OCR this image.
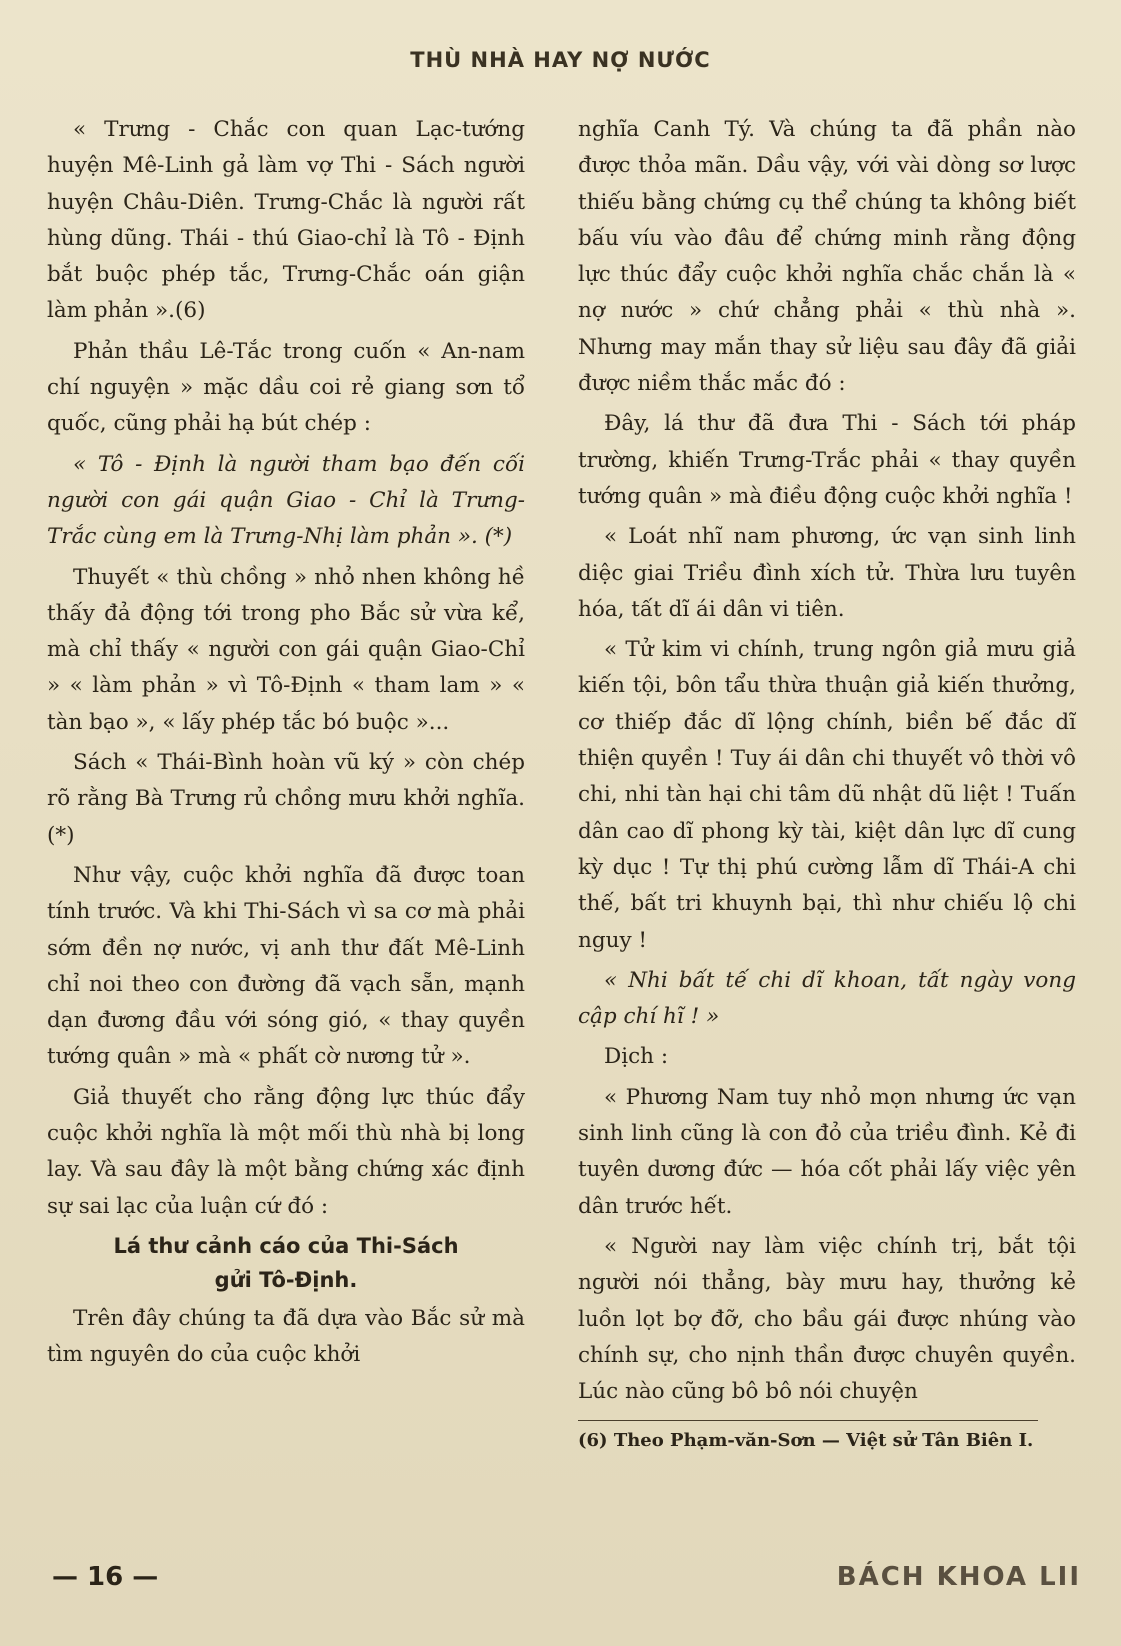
THÙ NHÀ HAY NỢ NƯỚC

« Trưng - Chắc con quan Lạc-tướng huyện Mê-Linh gả làm vợ Thi - Sách người huyện Châu-Diên. Trưng-Chắc là người rất hùng dũng. Thái - thú Giao-chỉ là Tô - Định bắt buộc phép tắc, Trưng-Chắc oán giận làm phản ».(6)

Phản thầu Lê-Tắc trong cuốn « An-nam chí nguyện » mặc dầu coi rẻ giang sơn tổ quốc, cũng phải hạ bút chép :

« Tô - Định là người tham bạo đến cối người con gái quận Giao - Chỉ là Trưng-Trắc cùng em là Trưng-Nhị làm phản ». (*)

Thuyết « thù chồng » nhỏ nhen không hề thấy đả động tới trong pho Bắc sử vừa kể, mà chỉ thấy « người con gái quận Giao-Chỉ » « làm phản » vì Tô-Định « tham lam » « tàn bạo », « lấy phép tắc bó buộc »...

Sách « Thái-Bình hoàn vũ ký » còn chép rõ rằng Bà Trưng rủ chồng mưu khởi nghĩa. (*)

Như vậy, cuộc khởi nghĩa đã được toan tính trước. Và khi Thi-Sách vì sa cơ mà phải sớm đền nợ nước, vị anh thư đất Mê-Linh chỉ noi theo con đường đã vạch sẵn, mạnh dạn đương đầu với sóng gió, « thay quyền tướng quân » mà « phất cờ nương tử ».

Giả thuyết cho rằng động lực thúc đẩy cuộc khởi nghĩa là một mối thù nhà bị long lay. Và sau đây là một bằng chứng xác định sự sai lạc của luận cứ đó :

Lá thư cảnh cáo của Thi-Sách
gửi Tô-Định.

Trên đây chúng ta đã dựa vào Bắc sử mà tìm nguyên do của cuộc khởi

nghĩa Canh Tý. Và chúng ta đã phần nào được thỏa mãn. Dầu vậy, với vài dòng sơ lược thiếu bằng chứng cụ thể chúng ta không biết bấu víu vào đâu để chứng minh rằng động lực thúc đẩy cuộc khởi nghĩa chắc chắn là « nợ nước » chứ chẳng phải « thù nhà ». Nhưng may mắn thay sử liệu sau đây đã giải được niềm thắc mắc đó :

Đây, lá thư đã đưa Thi - Sách tới pháp trường, khiến Trưng-Trắc phải « thay quyền tướng quân » mà điều động cuộc khởi nghĩa !

« Loát nhĩ nam phương, ức vạn sinh linh diệc giai Triều đình xích tử. Thừa lưu tuyên hóa, tất dĩ ái dân vi tiên.

« Tử kim vi chính, trung ngôn giả mưu giả kiến tội, bôn tẩu thừa thuận giả kiến thưởng, cơ thiếp đắc dĩ lộng chính, biền bế đắc dĩ thiện quyền ! Tuy ái dân chi thuyết vô thời vô chi, nhi tàn hại chi tâm dũ nhật dũ liệt ! Tuấn dân cao dĩ phong kỳ tài, kiệt dân lực dĩ cung kỳ dục ! Tự thị phú cường lẫm dĩ Thái-A chi thế, bất tri khuynh bại, thì như chiếu lộ chi nguy !

« Nhi bất tế chi dĩ khoan, tất ngày vong cập chí hĩ ! »

Dịch :

« Phương Nam tuy nhỏ mọn nhưng ức vạn sinh linh cũng là con đỏ của triều đình. Kẻ đi tuyên dương đức — hóa cốt phải lấy việc yên dân trước hết.

« Người nay làm việc chính trị, bắt tội người nói thẳng, bày mưu hay, thưởng kẻ luồn lọt bợ đỡ, cho bầu gái được nhúng vào chính sự, cho nịnh thần được chuyên quyền. Lúc nào cũng bô bô nói chuyện

(6) Theo Phạm-văn-Sơn — Việt sử Tân Biên I.
— 16 —	BÁCH KHOA LII
